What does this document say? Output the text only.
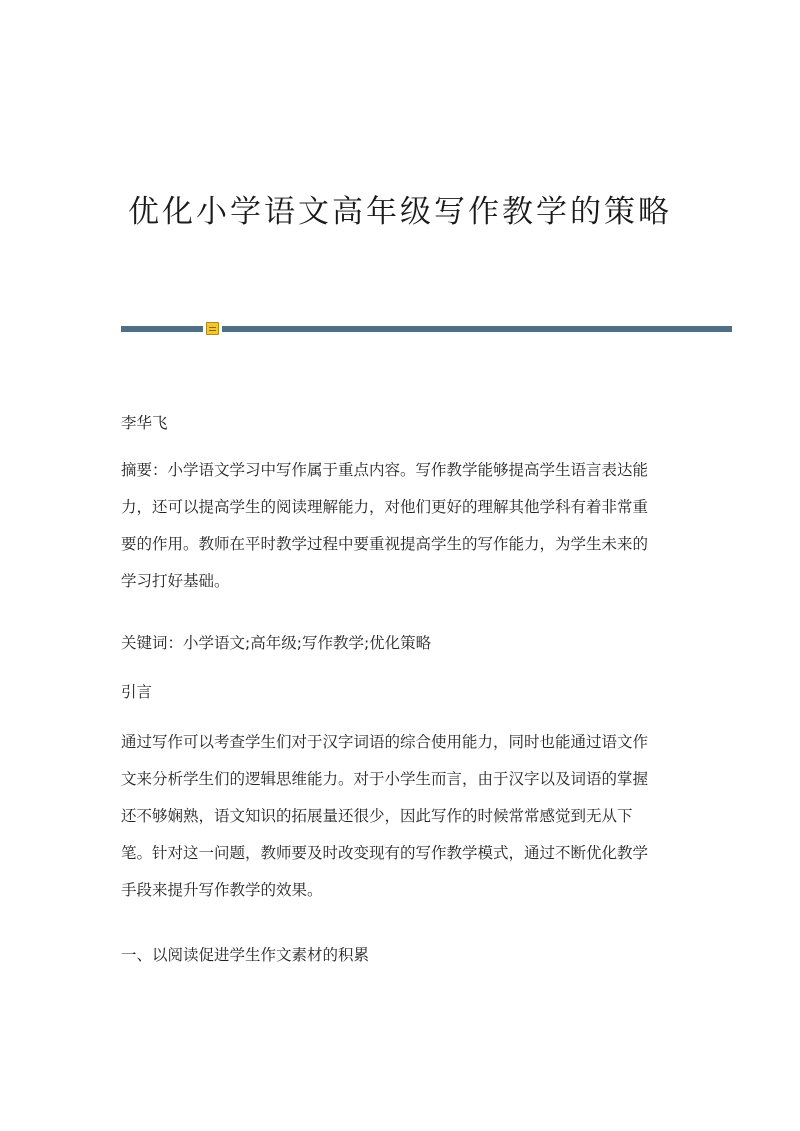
优化小学语文高年级写作教学的策略
李华飞
摘要：小学语文学习中写作属于重点内容。写作教学能够提高学生语言表达能
力，还可以提高学生的阅读理解能力，对他们更好的理解其他学科有着非常重
要的作用。教师在平时教学过程中要重视提高学生的写作能力，为学生未来的
学习打好基础。
关键词：小学语文;高年级;写作教学;优化策略
引言
通过写作可以考查学生们对于汉字词语的综合使用能力，同时也能通过语文作
文来分析学生们的逻辑思维能力。对于小学生而言，由于汉字以及词语的掌握
还不够娴熟，语文知识的拓展量还很少，因此写作的时候常常感觉到无从下
笔。针对这一问题，教师要及时改变现有的写作教学模式，通过不断优化教学
手段来提升写作教学的效果。
一、以阅读促进学生作文素材的积累
